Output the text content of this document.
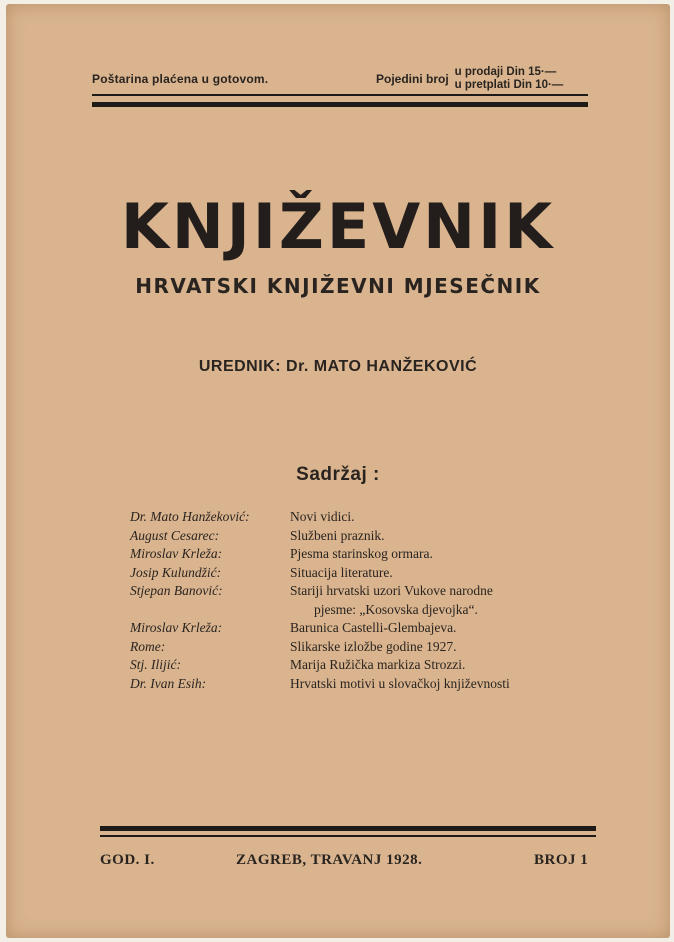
Poštarina plaćena u gotovom.	Pojedini broj u prodaji Din 15·—
u pretplati Din 10·—
KNJIŽEVNIK
HRVATSKI KNJIŽEVNI MJESEČNIK
UREDNIK: Dr. MATO HANŽEKOVIĆ
Sadržaj :
Dr. Mato Hanžeković:	Novi vidici.
August Cesarec:	Službeni praznik.
Miroslav Krleža:	Pjesma starinskog ormara.
Josip Kulundžić:	Situacija literature.
Stjepan Banović:	Stariji hrvatski uzori Vukove narodne
pjesme: „Kosovska djevojka“.
Miroslav Krleža:	Barunica Castelli-Glembajeva.
Rome:	Slikarske izložbe godine 1927.
Stj. Ilijić:	Marija Ružička markiza Strozzi.
Dr. Ivan Esih:	Hrvatski motivi u slovačkoj književnosti
GOD. I.	ZAGREB, TRAVANJ 1928.	BROJ 1
